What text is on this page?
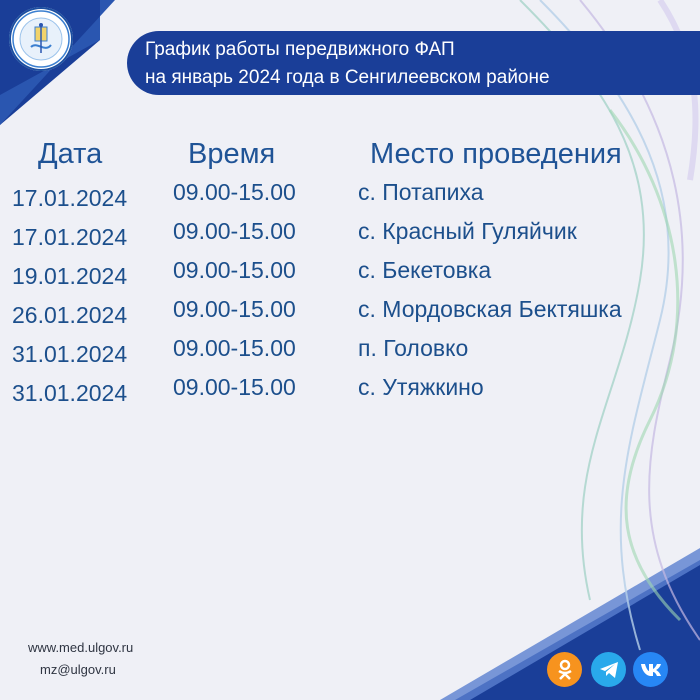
График работы передвижного ФАП
на январь 2024 года в Сенгилеевском районе
Дата	Время	Место проведения
17.01.2024 09.00-15.00	с. Потапиха
17.01.2024 09.00-15.00	с. Красный Гуляйчик
19.01.2024 09.00-15.00	с. Бекетовка
26.01.2024 09.00-15.00	с. Мордовская Бектяшка
31.01.2024 09.00-15.00	п. Головко
31.01.2024 09.00-15.00	с. Утяжкино
www.med.ulgov.ru
mz@ulgov.ru
